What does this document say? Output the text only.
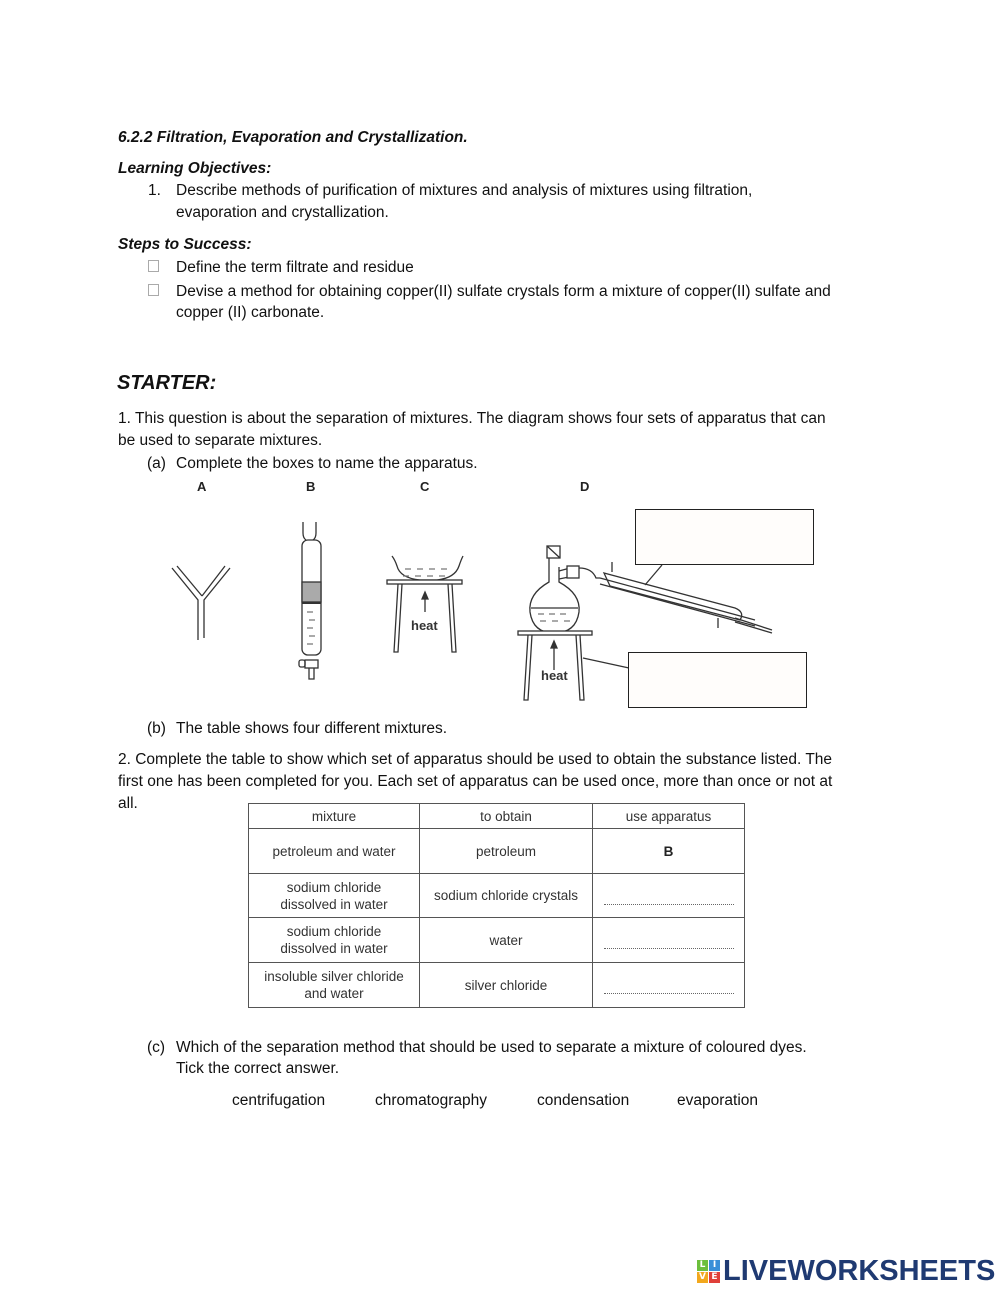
6.2.2 Filtration, Evaporation and Crystallization.
Learning Objectives:
1. Describe methods of purification of mixtures and analysis of mixtures using filtration,
evaporation and crystallization.
Steps to Success:
Define the term filtrate and residue
Devise a method for obtaining copper(II) sulfate crystals form a mixture of copper(II) sulfate and
copper (II) carbonate.
STARTER:
1. This question is about the separation of mixtures. The diagram shows four sets of apparatus that can
be used to separate mixtures.
(a) Complete the boxes to name the apparatus.
A	B	C	D
heat
heat
(b) The table shows four different mixtures.
2. Complete the table to show which set of apparatus should be used to obtain the substance listed. The
first one has been completed for you. Each set of apparatus can be used once, more than once or not at
all.
mixture	to obtain	use apparatus
petroleum and water	petroleum	B
sodium chloride
dissolved in water	sodium chloride crystals	
sodium chloride
dissolved in water	water	
insoluble silver chloride
and water	silver chloride	
(c) Which of the separation method that should be used to separate a mixture of coloured dyes.
Tick the correct answer.
centrifugation	chromatography	condensation	evaporation
L I
V E LIVEWORKSHEETS
